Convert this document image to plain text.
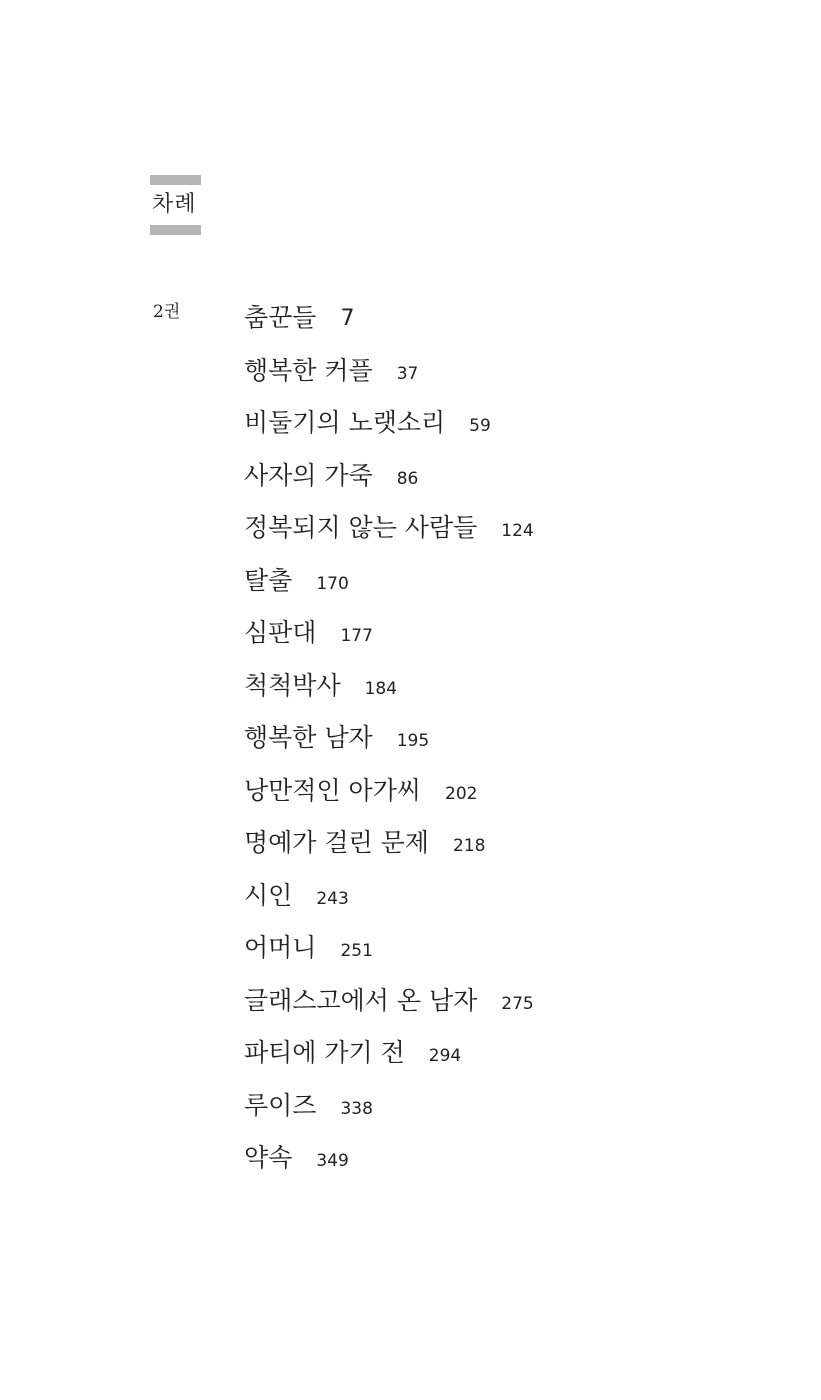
차례
2권	춤꾼들 7
행복한 커플 37
비둘기의 노랫소리 59
사자의 가죽 86
정복되지 않는 사람들 124
탈출 170
심판대 177
척척박사 184
행복한 남자 195
낭만적인 아가씨 202
명예가 걸린 문제 218
시인 243
어머니 251
글래스고에서 온 남자 275
파티에 가기 전 294
루이즈 338
약속 349
